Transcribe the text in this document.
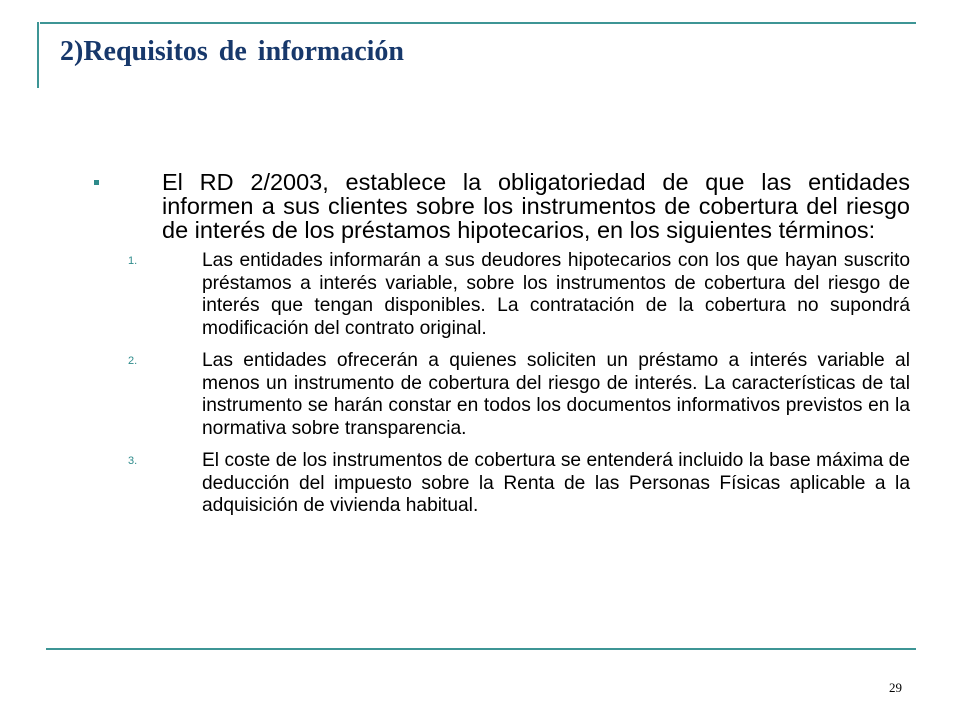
2)Requisitos de información

El RD 2/2003, establece la obligatoriedad de que las entidades informen a sus clientes sobre los instrumentos de cobertura del riesgo de interés de los préstamos hipotecarios, en los siguientes términos:

1.	Las entidades informarán a sus deudores hipotecarios con los que hayan suscrito préstamos a interés variable, sobre los instrumentos de cobertura del riesgo de interés que tengan disponibles. La contratación de la cobertura no supondrá modificación del contrato original.
2.	Las entidades ofrecerán a quienes soliciten un préstamo a interés variable al menos un instrumento de cobertura del riesgo de interés. La características de tal instrumento se harán constar en todos los documentos informativos previstos en la normativa sobre transparencia.
3.	El coste de los instrumentos de cobertura se entenderá incluido la base máxima de deducción del impuesto sobre la Renta de las Personas Físicas aplicable a la adquisición de vivienda habitual.
29
